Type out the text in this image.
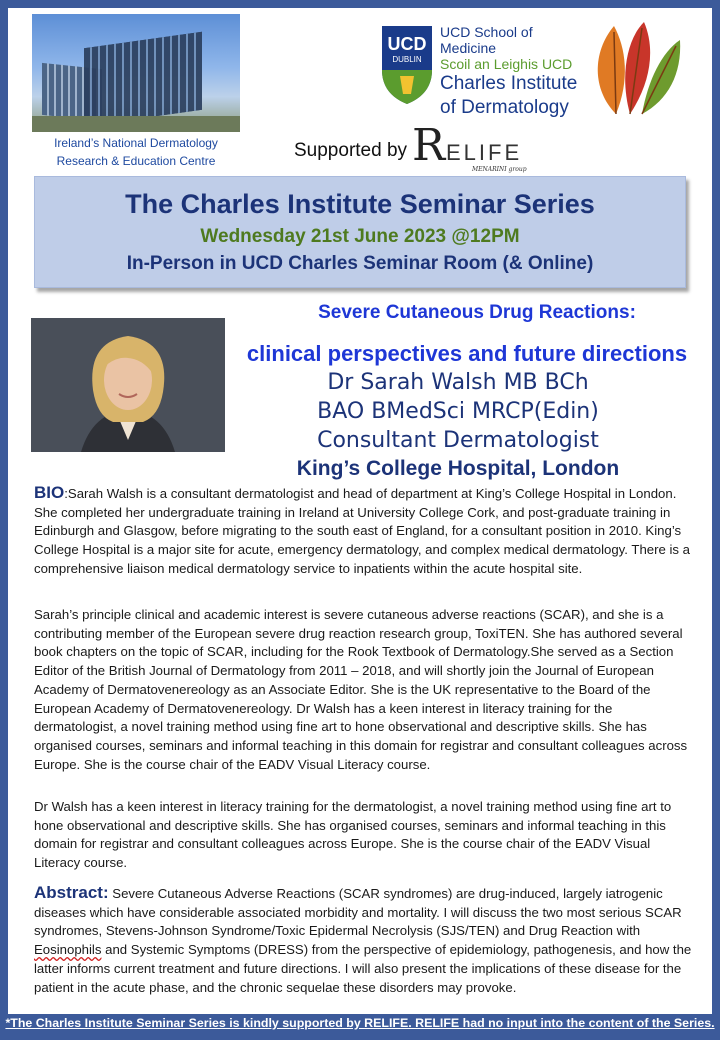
Ireland’s National Dermatology
Research & Education Centre
UCD
DUBLIN
UCD School of Medicine
Scoil an Leighis UCD
Charles Institute
of Dermatology
Supported by R ELIFE
MENARINI group
The Charles Institute Seminar Series
Wednesday 21st June 2023 @12PM
In-Person in UCD Charles Seminar Room (& Online)
Severe Cutaneous Drug Reactions:
clinical perspectives and future directions
Dr Sarah Walsh MB BCh
BAO BMedSci MRCP(Edin)
Consultant Dermatologist
King’s College Hospital, London
BIO:Sarah Walsh is a consultant dermatologist and head of department at King’s College Hospital in London. She completed her undergraduate training in Ireland at University College Cork, and post-graduate training in Edinburgh and Glasgow, before migrating to the south east of England, for a consultant position in 2010. King’s College Hospital is a major site for acute, emergency dermatology, and complex medical dermatology. There is a comprehensive liaison medical dermatology service to inpatients within the acute hospital site.
Sarah’s principle clinical and academic interest is severe cutaneous adverse reactions (SCAR), and she is a contributing member of the European severe drug reaction research group, ToxiTEN. She has authored several book chapters on the topic of SCAR, including for the Rook Textbook of Dermatology.She served as a Section Editor of the British Journal of Dermatology from 2011 – 2018, and will shortly join the Journal of European Academy of Dermatovenereology as an Associate Editor. She is the UK representative to the Board of the European Academy of Dermatovenereology. Dr Walsh has a keen interest in literacy training for the dermatologist, a novel training method using fine art to hone observational and descriptive skills. She has organised courses, seminars and informal teaching in this domain for registrar and consultant colleagues across Europe. She is the course chair of the EADV Visual Literacy course.
Dr Walsh has a keen interest in literacy training for the dermatologist, a novel training method using fine art to hone observational and descriptive skills. She has organised courses, seminars and informal teaching in this domain for registrar and consultant colleagues across Europe. She is the course chair of the EADV Visual Literacy course.
Abstract: Severe Cutaneous Adverse Reactions (SCAR syndromes) are drug-induced, largely iatrogenic diseases which have considerable associated morbidity and mortality. I will discuss the two most serious SCAR syndromes, Stevens-Johnson Syndrome/Toxic Epidermal Necrolysis (SJS/TEN) and Drug Reaction with Eosinophils and Systemic Symptoms (DRESS) from the perspective of epidemiology, pathogenesis, and how the latter informs current treatment and future directions. I will also present the implications of these disease for the patient in the acute phase, and the chronic sequelae these disorders may provoke.
*The Charles Institute Seminar Series is kindly supported by RELIFE. RELIFE had no input into the content of the Series.
